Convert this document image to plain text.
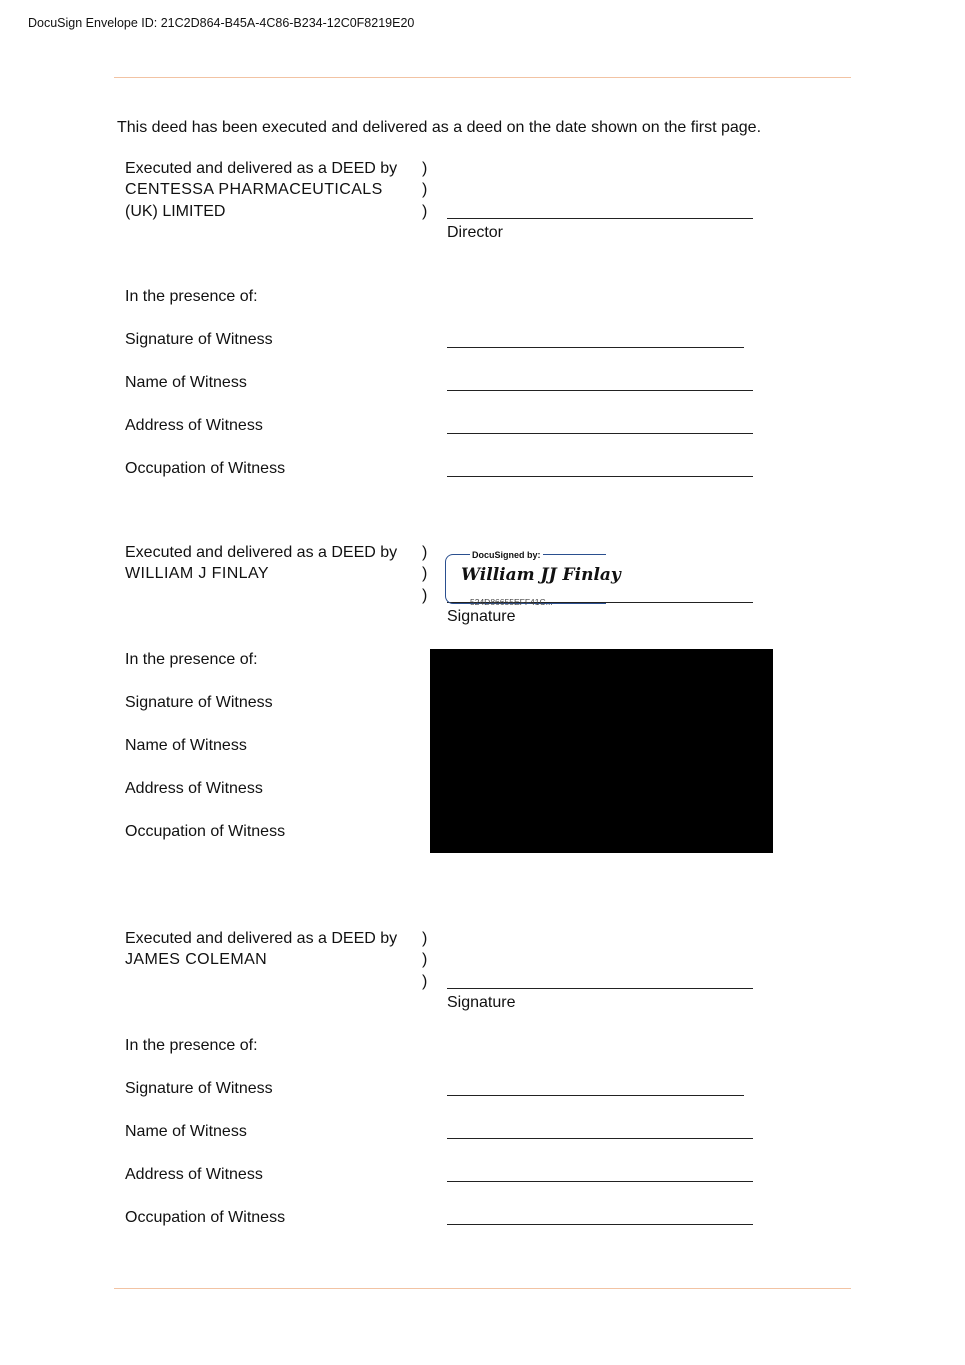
DocuSign Envelope ID: 21C2D864-B45A-4C86-B234-12C0F8219E20
This deed has been executed and delivered as a deed on the date shown on the first page.
Executed and delivered as a DEED by
CENTESSA PHARMACEUTICALS
(UK) LIMITED
)
)
)
Director
In the presence of:
Signature of Witness
Name of Witness
Address of Witness
Occupation of Witness
Executed and delivered as a DEED by
WILLIAM J FINLAY
)
)
)
DocuSigned by:
William JJ Finlay
524D86655EFF41C...
Signature
In the presence of:
Signature of Witness
Name of Witness
Address of Witness
Occupation of Witness
Executed and delivered as a DEED by
JAMES COLEMAN
)
)
)
Signature
In the presence of:
Signature of Witness
Name of Witness
Address of Witness
Occupation of Witness
